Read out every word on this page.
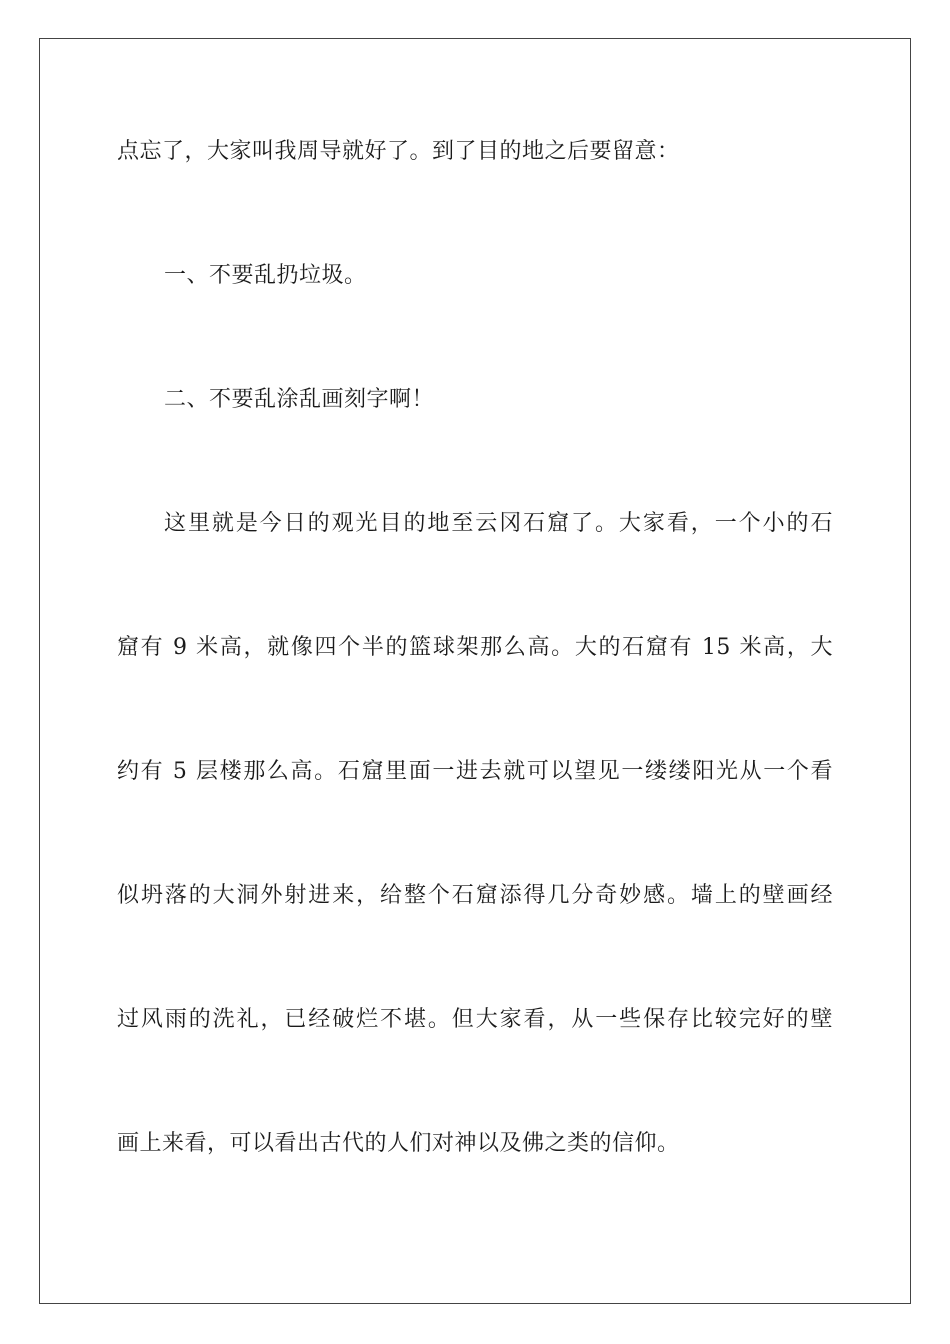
点忘了，大家叫我周导就好了。到了目的地之后要留意：
一、不要乱扔垃圾。
二、不要乱涂乱画刻字啊！
这里就是今日的观光目的地至云冈石窟了。大家看，一个小的石
窟有 9 米高，就像四个半的篮球架那么高。大的石窟有 15 米高，大
约有 5 层楼那么高。石窟里面一进去就可以望见一缕缕阳光从一个看
似坍落的大洞外射进来，给整个石窟添得几分奇妙感。墙上的壁画经
过风雨的洗礼，已经破烂不堪。但大家看，从一些保存比较完好的壁
画上来看，可以看出古代的人们对神以及佛之类的信仰。
